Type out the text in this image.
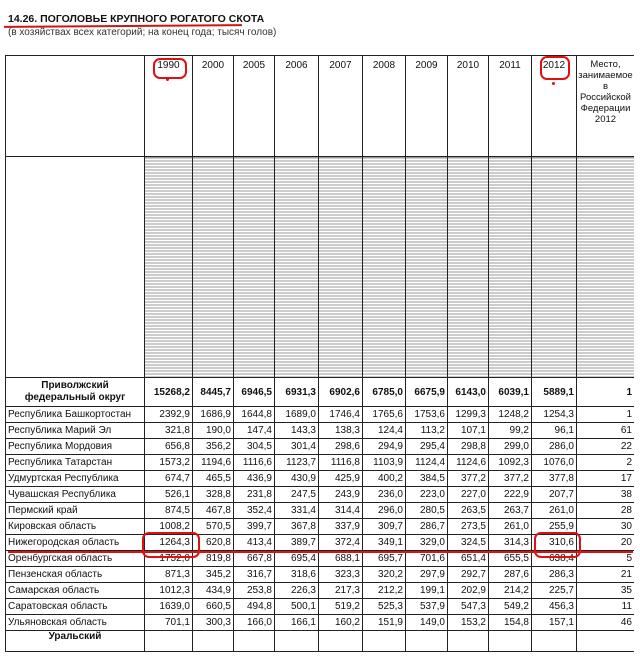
14.26. ПОГОЛОВЬЕ КРУПНОГО РОГАТОГО СКОТА
(в хозяйствах всех категорий; на конец года; тысяч голов)
	1990	2000	2005	2006	2007	2008	2009	2010	2011	2012	Место, занимаемое в Российской Федерации 2012

Приволжский федеральный округ	15268,2	8445,7	6946,5	6931,3	6902,6	6785,0	6675,9	6143,0	6039,1	5889,1	1
Республика Башкортостан	2392,9	1686,9	1644,8	1689,0	1746,4	1765,6	1753,6	1299,3	1248,2	1254,3	1
Республика Марий Эл	321,8	190,0	147,4	143,3	138,3	124,4	113,2	107,1	99,2	96,1	61
Республика Мордовия	656,8	356,2	304,5	301,4	298,6	294,9	295,4	298,8	299,0	286,0	22
Республика Татарстан	1573,2	1194,6	1116,6	1123,7	1116,8	1103,9	1124,4	1124,6	1092,3	1076,0	2
Удмуртская Республика	674,7	465,5	436,9	430,9	425,9	400,2	384,5	377,2	377,2	377,8	17
Чувашская Республика	526,1	328,8	231,8	247,5	243,9	236,0	223,0	227,0	222,9	207,7	38
Пермский край	874,5	467,8	352,4	331,4	314,4	296,0	280,5	263,5	263,7	261,0	28
Кировская область	1008,2	570,5	399,7	367,8	337,9	309,7	286,7	273,5	261,0	255,9	30
Нижегородская область	1264,3	620,8	413,4	389,7	372,4	349,1	329,0	324,5	314,3	310,6	20
Оренбургская область	1752,0	819,8	667,8	695,4	688,1	695,7	701,6	651,4	655,5	638,4	5
Пензенская область	871,3	345,2	316,7	318,6	323,3	320,2	297,9	292,7	287,6	286,3	21
Самарская область	1012,3	434,9	253,8	226,3	217,3	212,2	199,1	202,9	214,2	225,7	35
Саратовская область	1639,0	660,5	494,8	500,1	519,2	525,3	537,9	547,3	549,2	456,3	11
Ульяновская область	701,1	300,3	166,0	166,1	160,2	151,9	149,0	153,2	154,8	157,1	46
Уральский											
